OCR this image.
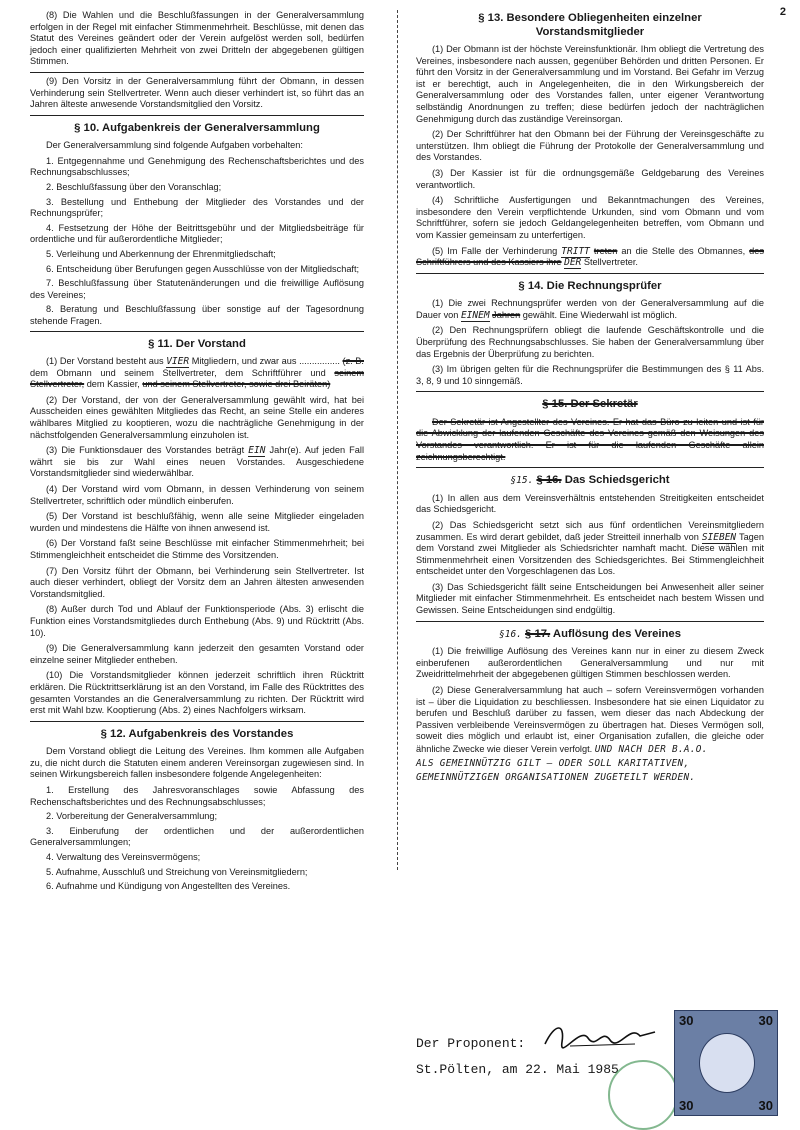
2

(8) Die Wahlen und die Beschlußfassungen in der Generalversammlung erfolgen in der Regel mit einfacher Stimmenmehrheit. Beschlüsse, mit denen das Statut des Vereines geändert oder der Verein aufgelöst werden soll, bedürfen jedoch einer qualifizierten Mehrheit von zwei Dritteln der abgegebenen gültigen Stimmen.

(9) Den Vorsitz in der Generalversammlung führt der Obmann, in dessen Verhinderung sein Stellvertreter. Wenn auch dieser verhindert ist, so führt das an Jahren älteste anwesende Vorstandsmitglied den Vorsitz.

§ 10. Aufgabenkreis der Generalversammlung

Der Generalversammlung sind folgende Aufgaben vorbehalten:

1. Entgegennahme und Genehmigung des Rechenschaftsberichtes und des Rechnungsabschlusses;
2. Beschlußfassung über den Voranschlag;
3. Bestellung und Enthebung der Mitglieder des Vorstandes und der Rechnungsprüfer;
4. Festsetzung der Höhe der Beitrittsgebühr und der Mitgliedsbeiträge für ordentliche und für außerordentliche Mitglieder;
5. Verleihung und Aberkennung der Ehrenmitgliedschaft;
6. Entscheidung über Berufungen gegen Ausschlüsse von der Mitgliedschaft;
7. Beschlußfassung über Statutenänderungen und die freiwillige Auflösung des Vereines;
8. Beratung und Beschlußfassung über sonstige auf der Tagesordnung stehende Fragen.
§ 11. Der Vorstand

(1) Der Vorstand besteht aus VIER Mitgliedern, und zwar aus ................ (z. B. dem Obmann und seinem Stellvertreter, dem Schriftführer und seinem Stellvertreter, dem Kassier, und seinem Stellvertreter, sowie drei Beiräten)

(2) Der Vorstand, der von der Generalversammlung gewählt wird, hat bei Ausscheiden eines gewählten Mitgliedes das Recht, an seine Stelle ein anderes wählbares Mitglied zu kooptieren, wozu die nachträgliche Genehmigung in der nächstfolgenden Generalversammlung einzuholen ist.

(3) Die Funktionsdauer des Vorstandes beträgt EIN Jahr(e). Auf jeden Fall währt sie bis zur Wahl eines neuen Vorstandes. Ausgeschiedene Vorstandsmitglieder sind wiederwählbar.

(4) Der Vorstand wird vom Obmann, in dessen Verhinderung von seinem Stellvertreter, schriftlich oder mündlich einberufen.

(5) Der Vorstand ist beschlußfähig, wenn alle seine Mitglieder eingeladen wurden und mindestens die Hälfte von ihnen anwesend ist.

(6) Der Vorstand faßt seine Beschlüsse mit einfacher Stimmenmehrheit; bei Stimmengleichheit entscheidet die Stimme des Vorsitzenden.

(7) Den Vorsitz führt der Obmann, bei Verhinderung sein Stellvertreter. Ist auch dieser verhindert, obliegt der Vorsitz dem an Jahren ältesten anwesenden Vorstandsmitglied.

(8) Außer durch Tod und Ablauf der Funktionsperiode (Abs. 3) erlischt die Funktion eines Vorstandsmitgliedes durch Enthebung (Abs. 9) und Rücktritt (Abs. 10).

(9) Die Generalversammlung kann jederzeit den gesamten Vorstand oder einzelne seiner Mitglieder entheben.

(10) Die Vorstandsmitglieder können jederzeit schriftlich ihren Rücktritt erklären. Die Rücktrittserklärung ist an den Vorstand, im Falle des Rücktrittes des gesamten Vorstandes an die Generalversammlung zu richten. Der Rücktritt wird erst mit Wahl bzw. Kooptierung (Abs. 2) eines Nachfolgers wirksam.

§ 12. Aufgabenkreis des Vorstandes

Dem Vorstand obliegt die Leitung des Vereines. Ihm kommen alle Aufgaben zu, die nicht durch die Statuten einem anderen Vereinsorgan zugewiesen sind. In seinen Wirkungsbereich fallen insbesondere folgende Angelegenheiten:

1. Erstellung des Jahresvoranschlages sowie Abfassung des Rechenschaftsberichtes und des Rechnungsabschlusses;
2. Vorbereitung der Generalversammlung;
3. Einberufung der ordentlichen und der außerordentlichen Generalversammlungen;
4. Verwaltung des Vereinsvermögens;
5. Aufnahme, Ausschluß und Streichung von Vereinsmitgliedern;
6. Aufnahme und Kündigung von Angestellten des Vereines.
§ 13. Besondere Obliegenheiten einzelner
Vorstandsmitglieder

(1) Der Obmann ist der höchste Vereinsfunktionär. Ihm obliegt die Vertretung des Vereines, insbesondere nach aussen, gegenüber Behörden und dritten Personen. Er führt den Vorsitz in der Generalversammlung und im Vorstand. Bei Gefahr im Verzug ist er berechtigt, auch in Angelegenheiten, die in den Wirkungsbereich der Generalversammlung oder des Vorstandes fallen, unter eigener Verantwortung selbständig Anordnungen zu treffen; diese bedürfen jedoch der nachträglichen Genehmigung durch das zuständige Vereinsorgan.

(2) Der Schriftführer hat den Obmann bei der Führung der Vereinsgeschäfte zu unterstützen. Ihm obliegt die Führung der Protokolle der Generalversammlung und des Vorstandes.

(3) Der Kassier ist für die ordnungsgemäße Geldgebarung des Vereines verantwortlich.

(4) Schriftliche Ausfertigungen und Bekanntmachungen des Vereines, insbesondere den Verein verpflichtende Urkunden, sind vom Obmann und vom Schriftführer, sofern sie jedoch Geldangelegenheiten betreffen, vom Obmann und vom Kassier gemeinsam zu unterfertigen.

(5) Im Falle der Verhinderung TRITT treten an die Stelle des Obmannes, des Schriftführers und des Kassiers ihre DER Stellvertreter.

§ 14. Die Rechnungsprüfer

(1) Die zwei Rechnungsprüfer werden von der Generalversammlung auf die Dauer von EINEM Jahren gewählt. Eine Wiederwahl ist möglich.

(2) Den Rechnungsprüfern obliegt die laufende Geschäftskontrolle und die Überprüfung des Rechnungsabschlusses. Sie haben der Generalversammlung über das Ergebnis der Überprüfung zu berichten.

(3) Im übrigen gelten für die Rechnungsprüfer die Bestimmungen des § 11 Abs. 3, 8, 9 und 10 sinngemäß.

§ 15. Der Sekretär

Der Sekretär ist Angestellter des Vereines. Er hat das Büro zu leiten und ist für die Abwicklung der laufenden Geschäfte des Vereines gemäß den Weisungen des Vorstandes verantwortlich. Er ist für die laufenden Geschäfte allein zeichnungsberechtigt.

§15. § 16. Das Schiedsgericht

(1) In allen aus dem Vereinsverhältnis entstehenden Streitigkeiten entscheidet das Schiedsgericht.

(2) Das Schiedsgericht setzt sich aus fünf ordentlichen Vereinsmitgliedern zusammen. Es wird derart gebildet, daß jeder Streitteil innerhalb von SIEBEN Tagen dem Vorstand zwei Mitglieder als Schiedsrichter namhaft macht. Diese wählen mit Stimmenmehrheit einen Vorsitzenden des Schiedsgerichtes. Bei Stimmengleichheit entscheidet unter den Vorgeschlagenen das Los.

(3) Das Schiedsgericht fällt seine Entscheidungen bei Anwesenheit aller seiner Mitglieder mit einfacher Stimmenmehrheit. Es entscheidet nach bestem Wissen und Gewissen. Seine Entscheidungen sind endgültig.

§16. § 17. Auflösung des Vereines

(1) Die freiwillige Auflösung des Vereines kann nur in einer zu diesem Zweck einberufenen außerordentlichen Generalversammlung und nur mit Zweidrittelmehrheit der abgegebenen gültigen Stimmen beschlossen werden.

(2) Diese Generalversammlung hat auch – sofern Vereinsvermögen vorhanden ist – über die Liquidation zu beschliessen. Insbesondere hat sie einen Liquidator zu berufen und Beschluß darüber zu fassen, wem dieser das nach Abdeckung der Passiven verbleibende Vereinsvermögen zu übertragen hat. Dieses Vermögen soll, soweit dies möglich und erlaubt ist, einer Organisation zufallen, die gleiche oder ähnliche Zwecke wie dieser Verein verfolgt. UND NACH DER B.A.O.

ALS GEMEINNÜTZIG GILT – ODER SOLL KARITATIVEN,
GEMEINNÜTZIGEN ORGANISATIONEN ZUGETEILT WERDEN.
Der Proponent:
St.Pölten, am 22. Mai 1985
30	30
30	30
